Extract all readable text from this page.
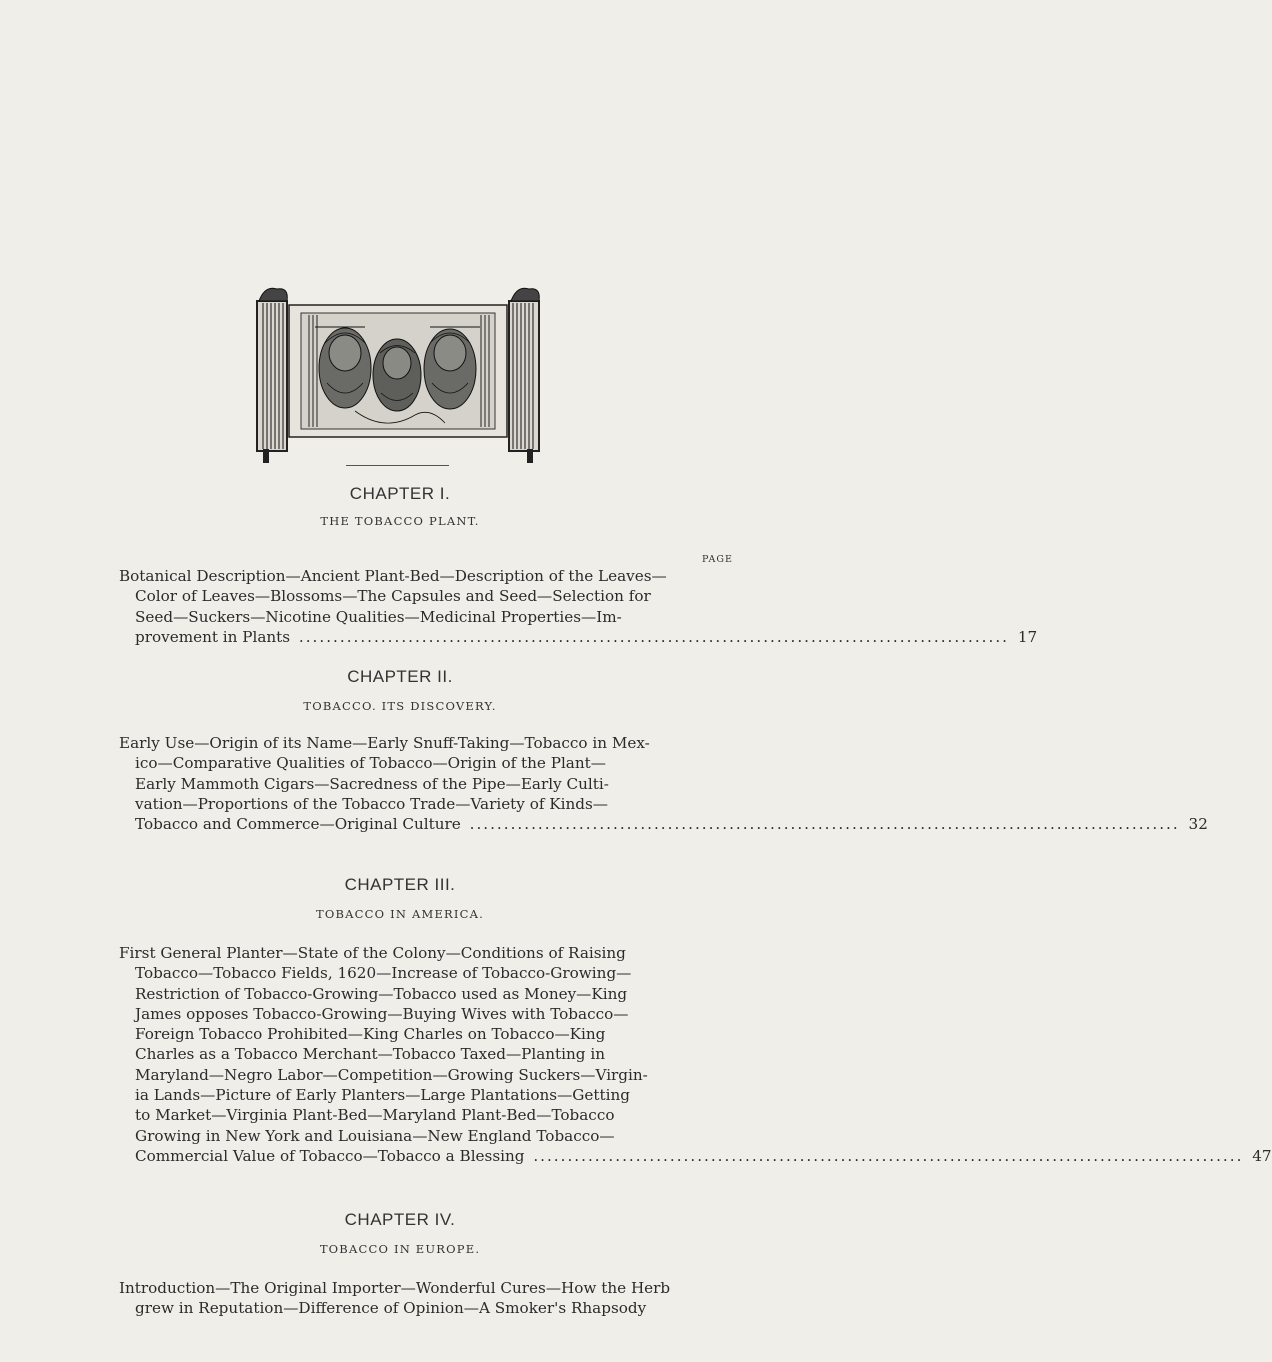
PAGE
CHAPTER I.
THE TOBACCO PLANT.
Botanical Description—Ancient Plant-Bed—Description of the Leaves—
Color of Leaves—Blossoms—The Capsules and Seed—Selection for
Seed—Suckers—Nicotine Qualities—Medicinal Properties—Im-
provement in Plants ........................................................................................................ 17
CHAPTER II.
TOBACCO. ITS DISCOVERY.
Early Use—Origin of its Name—Early Snuff-Taking—Tobacco in Mex-
ico—Comparative Qualities of Tobacco—Origin of the Plant—
Early Mammoth Cigars—Sacredness of the Pipe—Early Culti-
vation—Proportions of the Tobacco Trade—Variety of Kinds—
Tobacco and Commerce—Original Culture ........................................................................................................ 32
CHAPTER III.
TOBACCO IN AMERICA.
First General Planter—State of the Colony—Conditions of Raising
Tobacco—Tobacco Fields, 1620—Increase of Tobacco-Growing—
Restriction of Tobacco-Growing—Tobacco used as Money—King
James opposes Tobacco-Growing—Buying Wives with Tobacco—
Foreign Tobacco Prohibited—King Charles on Tobacco—King
Charles as a Tobacco Merchant—Tobacco Taxed—Planting in
Maryland—Negro Labor—Competition—Growing Suckers—Virgin-
ia Lands—Picture of Early Planters—Large Plantations—Getting
to Market—Virginia Plant-Bed—Maryland Plant-Bed—Tobacco
Growing in New York and Louisiana—New England Tobacco—
Commercial Value of Tobacco—Tobacco a Blessing ........................................................................................................ 47
CHAPTER IV.
TOBACCO IN EUROPE.
Introduction—The Original Importer—Wonderful Cures—How the Herb
grew in Reputation—Difference of Opinion—A Smoker's Rhapsody
